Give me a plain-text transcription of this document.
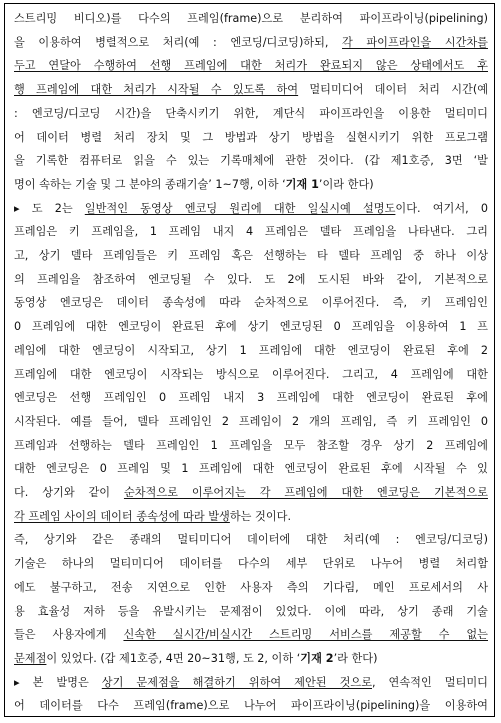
스트리밍 비디오)를 다수의 프레임(frame)으로 분리하여 파이프라이닝(pipelining)
을 이용하여 병렬적으로 처리(예 : 엔코딩/디코딩)하되, 각 파이프라인을 시간차를
두고 연달아 수행하여 선행 프레임에 대한 처리가 완료되지 않은 상태에서도 후
행 프레임에 대한 처리가 시작될 수 있도록 하여 멀티미디어 데이터 처리 시간(예
: 엔코딩/디코딩 시간)을 단축시키기 위한, 계단식 파이프라인을 이용한 멀티미디
어 데이터 병렬 처리 장치 및 그 방법과 상기 방법을 실현시키기 위한 프로그램
을 기록한 컴퓨터로 읽을 수 있는 기록매체에 관한 것이다. (갑 제1호증, 3면 ‘발
명이 속하는 기술 및 그 분야의 종래기술’ 1~7행, 이하 ‘기재 1’이라 한다)
▸ 도 2는 일반적인 동영상 엔코딩 원리에 대한 일실시예 설명도이다. 여기서, 0
프레임은 키 프레임을, 1 프레임 내지 4 프레임은 델타 프레임을 나타낸다. 그리
고, 상기 델타 프레임들은 키 프레임 혹은 선행하는 타 델타 프레임 중 하나 이상
의 프레임을 참조하여 엔코딩될 수 있다. 도 2에 도시된 바와 같이, 기본적으로
동영상 엔코딩은 데이터 종속성에 따라 순차적으로 이루어진다. 즉, 키 프레임인
0 프레임에 대한 엔코딩이 완료된 후에 상기 엔코딩된 0 프레임을 이용하여 1 프
레임에 대한 엔코딩이 시작되고, 상기 1 프레임에 대한 엔코딩이 완료된 후에 2
프레임에 대한 엔코딩이 시작되는 방식으로 이루어진다. 그리고, 4 프레임에 대한
엔코딩은 선행 프레임인 0 프레임 내지 3 프레임에 대한 엔코딩이 완료된 후에
시작된다. 예를 들어, 델타 프레임인 2 프레임이 2 개의 프레임, 즉 키 프레임인 0
프레임과 선행하는 델타 프레임인 1 프레임을 모두 참조할 경우 상기 2 프레임에
대한 엔코딩은 0 프레임 및 1 프레임에 대한 엔코딩이 완료된 후에 시작될 수 있
다. 상기와 같이 순차적으로 이루어지는 각 프레임에 대한 엔코딩은 기본적으로
각 프레임 사이의 데이터 종속성에 따라 발생하는 것이다.
즉, 상기와 같은 종래의 멀티미디어 데이터에 대한 처리(예 : 엔코딩/디코딩)
기술은 하나의 멀티미디어 데이터를 다수의 세부 단위로 나누어 병렬 처리함
에도 불구하고, 전송 지연으로 인한 사용자 측의 기다림, 메인 프로세서의 사
용 효율성 저하 등을 유발시키는 문제점이 있었다. 이에 따라, 상기 종래 기술
들은 사용자에게 신속한 실시간/비실시간 스트리밍 서비스를 제공할 수 없는
문제점이 있었다. (갑 제1호증, 4면 20~31행, 도 2, 이하 ‘기재 2’라 한다)
▸ 본 발명은 상기 문제점을 해결하기 위하여 제안된 것으로, 연속적인 멀티미디
어 데이터를 다수 프레임(frame)으로 나누어 파이프라이닝(pipelining)을 이용하여
